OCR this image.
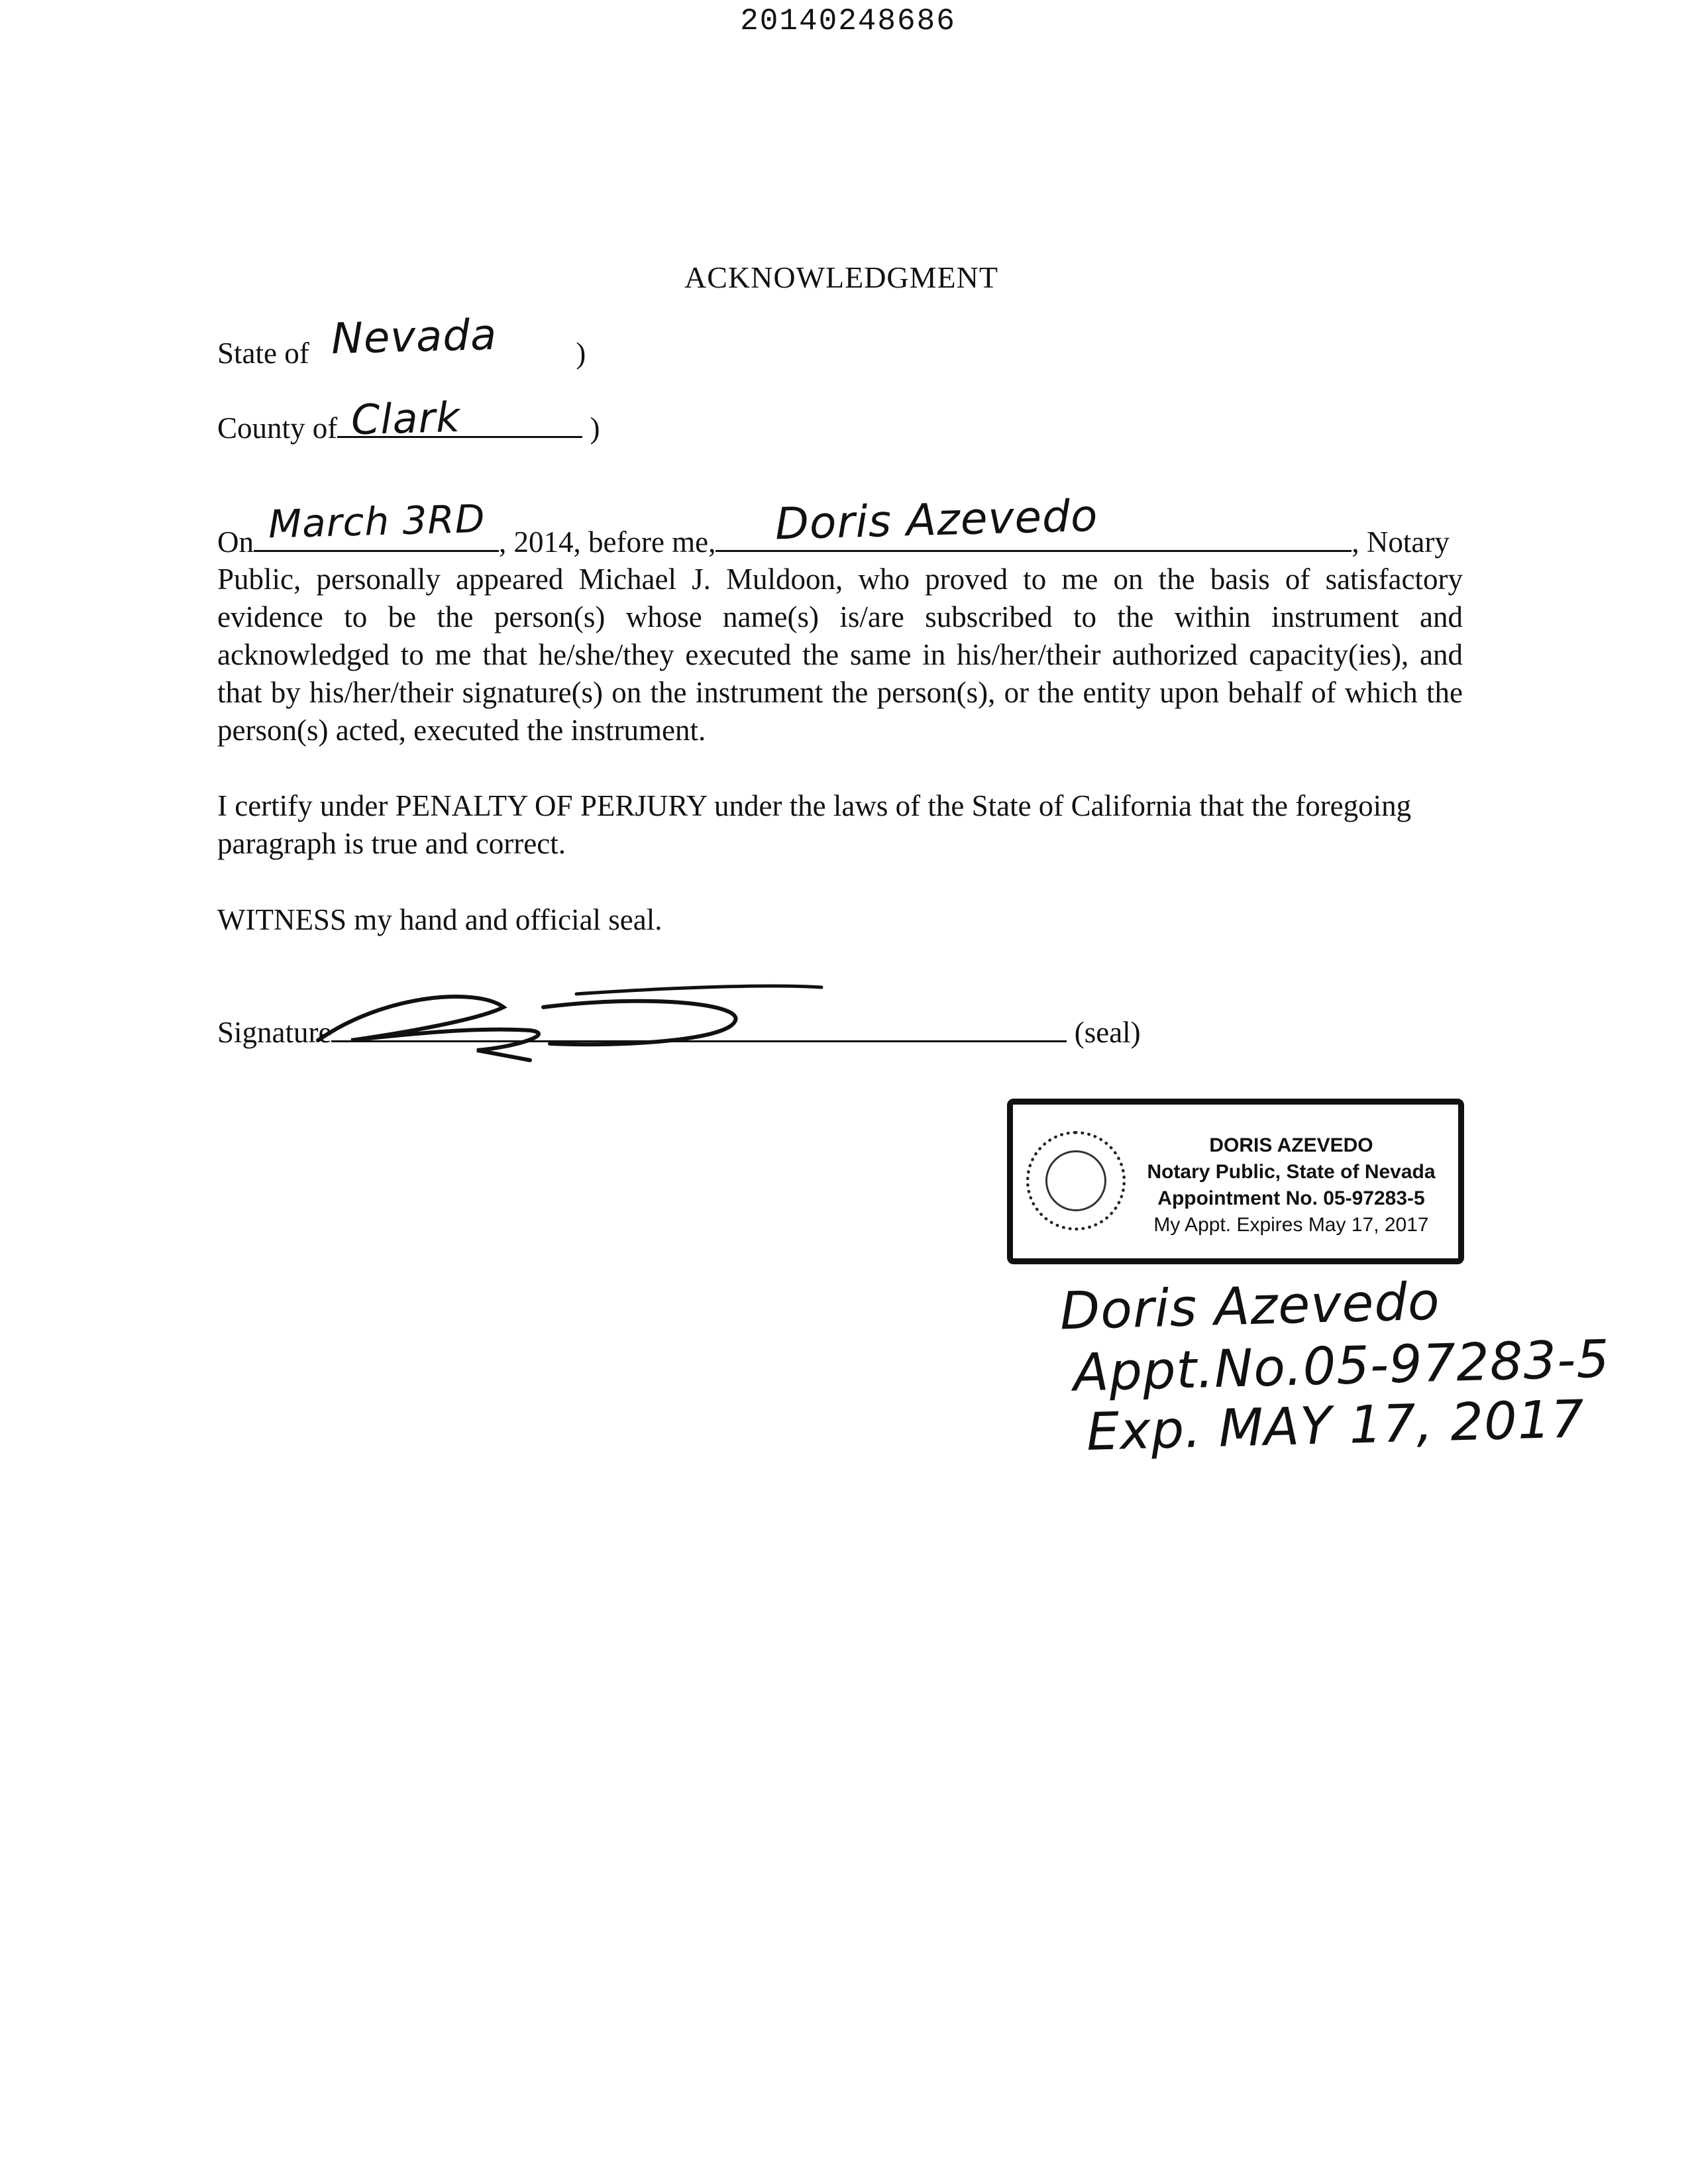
20140248686
ACKNOWLEDGMENT
State of	)
Nevada
County of	)
Clark
On	, 2014, before me,	, Notary
March 3RD	Doris Azevedo
Public, personally appeared Michael J. Muldoon, who proved to me on the basis of satisfactory evidence to be the person(s) whose name(s) is/are subscribed to the within instrument and acknowledged to me that he/she/they executed the same in his/her/their authorized capacity(ies), and that by his/her/their signature(s) on the instrument the person(s), or the entity upon behalf of which the person(s) acted, executed the instrument.
I certify under PENALTY OF PERJURY under the laws of the State of California that the foregoing paragraph is true and correct.
WITNESS my hand and official seal.
Signature	(seal)
DORIS AZEVEDO
Notary Public, State of Nevada
Appointment No. 05-97283-5
My Appt. Expires May 17, 2017
Doris Azevedo
Appt.No.05-97283-5
Exp. MAY 17, 2017
